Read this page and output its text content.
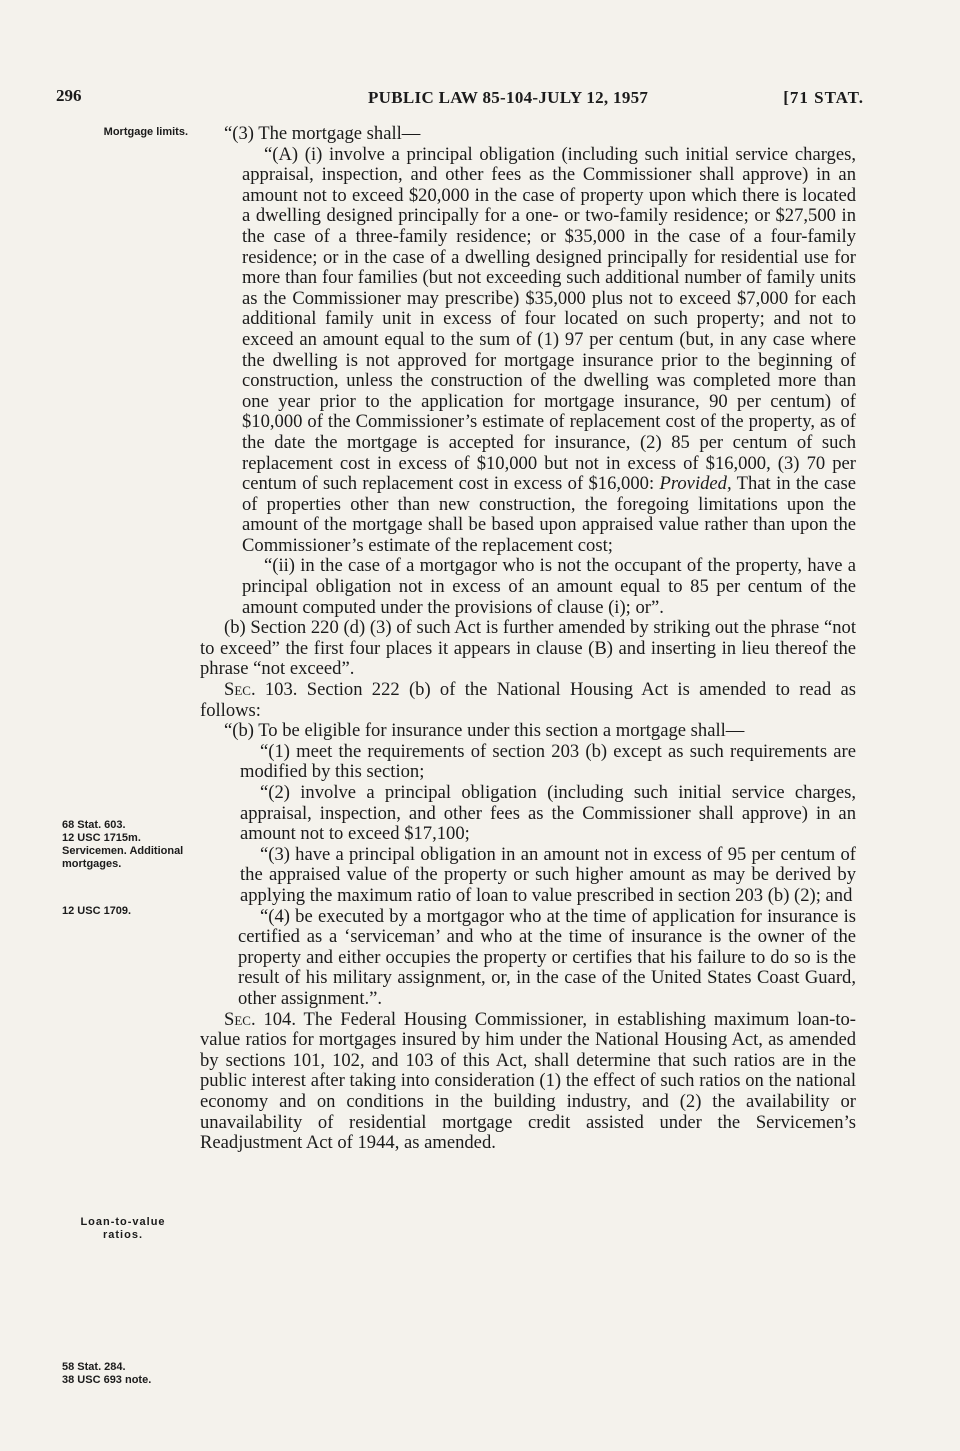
296	PUBLIC LAW 85-104-JULY 12, 1957	[71 STAT.
Mortgage limits.
68 Stat. 603.
12 USC 1715m.
Servicemen. Additional mortgages.
12 USC 1709.
Loan-to-value ratios.
58 Stat. 284.
38 USC 693 note.

“(3) The mortgage shall—

“(A) (i) involve a principal obligation (including such initial service charges, appraisal, inspection, and other fees as the Commissioner shall approve) in an amount not to exceed $20,000 in the case of property upon which there is located a dwelling designed principally for a one- or two-family residence; or $27,500 in the case of a three-family residence; or $35,000 in the case of a four-family residence; or in the case of a dwelling designed principally for residential use for more than four families (but not exceeding such additional number of family units as the Commissioner may prescribe) $35,000 plus not to exceed $7,000 for each additional family unit in excess of four located on such property; and not to exceed an amount equal to the sum of (1) 97 per centum (but, in any case where the dwelling is not approved for mortgage insurance prior to the beginning of construction, unless the construction of the dwelling was completed more than one year prior to the application for mortgage insurance, 90 per centum) of $10,000 of the Commissioner’s estimate of replacement cost of the property, as of the date the mortgage is accepted for insurance, (2) 85 per centum of such replacement cost in excess of $10,000 but not in excess of $16,000, (3) 70 per centum of such replacement cost in excess of $16,000: Provided, That in the case of properties other than new construction, the foregoing limitations upon the amount of the mortgage shall be based upon appraised value rather than upon the Commissioner’s estimate of the replacement cost;

“(ii) in the case of a mortgagor who is not the occupant of the property, have a principal obligation not in excess of an amount equal to 85 per centum of the amount computed under the provisions of clause (i); or”.

(b) Section 220 (d) (3) of such Act is further amended by striking out the phrase “not to exceed” the first four places it appears in clause (B) and inserting in lieu thereof the phrase “not exceed”.

Sec. 103. Section 222 (b) of the National Housing Act is amended to read as follows:

“(b) To be eligible for insurance under this section a mortgage shall—

“(1) meet the requirements of section 203 (b) except as such requirements are modified by this section;

“(2) involve a principal obligation (including such initial service charges, appraisal, inspection, and other fees as the Commissioner shall approve) in an amount not to exceed $17,100;

“(3) have a principal obligation in an amount not in excess of 95 per centum of the appraised value of the property or such higher amount as may be derived by applying the maximum ratio of loan to value prescribed in section 203 (b) (2); and

“(4) be executed by a mortgagor who at the time of application for insurance is certified as a ‘serviceman’ and who at the time of insurance is the owner of the property and either occupies the property or certifies that his failure to do so is the result of his military assignment, or, in the case of the United States Coast Guard, other assignment.”.

Sec. 104. The Federal Housing Commissioner, in establishing maximum loan-to-value ratios for mortgages insured by him under the National Housing Act, as amended by sections 101, 102, and 103 of this Act, shall determine that such ratios are in the public interest after taking into consideration (1) the effect of such ratios on the national economy and on conditions in the building industry, and (2) the availability or unavailability of residential mortgage credit assisted under the Servicemen’s Readjustment Act of 1944, as amended.
